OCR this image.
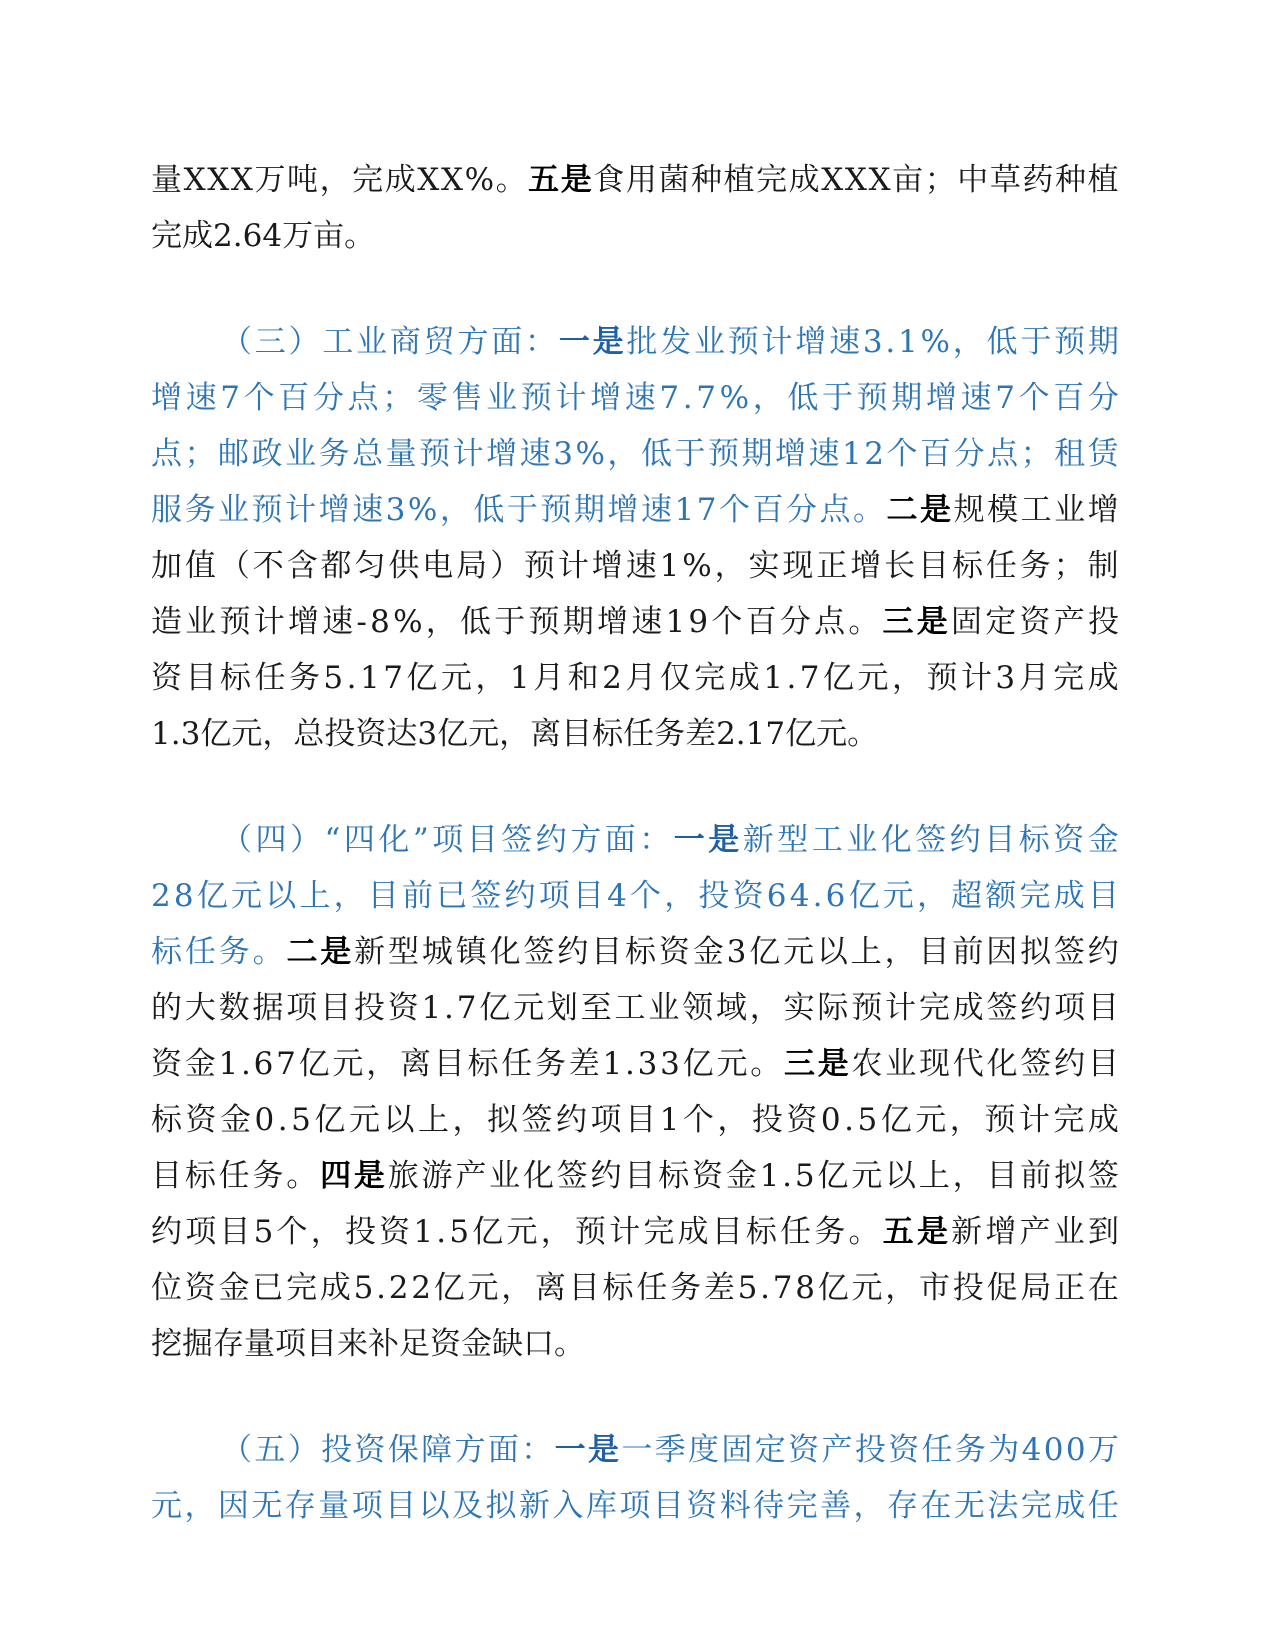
量 X X X 万 吨 ， 完 成 X X % 。 五 是 食 用 菌 种 植 完 成 X X X 亩 ； 中 草 药 种 植
完 成 2 . 6 4 万 亩 。
（ 三 ） 工 业 商 贸 方 面 ： 一 是 批 发 业 预 计 增 速 3 . 1 % ， 低 于 预 期
增 速 7 个 百 分 点 ； 零 售 业 预 计 增 速 7 . 7 % ， 低 于 预 期 增 速 7 个 百 分
点 ； 邮 政 业 务 总 量 预 计 增 速 3 % ， 低 于 预 期 增 速 1 2 个 百 分 点 ； 租 赁
服 务 业 预 计 增 速 3 % ， 低 于 预 期 增 速 1 7 个 百 分 点 。 二 是 规 模 工 业 增
加 值 （ 不 含 都 匀 供 电 局 ） 预 计 增 速 1 % ， 实 现 正 增 长 目 标 任 务 ； 制
造 业 预 计 增 速 - 8 % ， 低 于 预 期 增 速 1 9 个 百 分 点 。 三 是 固 定 资 产 投
资 目 标 任 务 5 . 1 7 亿 元 ， 1 月 和 2 月 仅 完 成 1 . 7 亿 元 ， 预 计 3 月 完 成
1 . 3 亿 元 ， 总 投 资 达 3 亿 元 ， 离 目 标 任 务 差 2 . 1 7 亿 元 。
（ 四 ） “ 四 化 ” 项 目 签 约 方 面 ： 一 是 新 型 工 业 化 签 约 目 标 资 金
2 8 亿 元 以 上 ， 目 前 已 签 约 项 目 4 个 ， 投 资 6 4 . 6 亿 元 ， 超 额 完 成 目
标 任 务 。 二 是 新 型 城 镇 化 签 约 目 标 资 金 3 亿 元 以 上 ， 目 前 因 拟 签 约
的 大 数 据 项 目 投 资 1 . 7 亿 元 划 至 工 业 领 域 ， 实 际 预 计 完 成 签 约 项 目
资 金 1 . 6 7 亿 元 ， 离 目 标 任 务 差 1 . 3 3 亿 元 。 三 是 农 业 现 代 化 签 约 目
标 资 金 0 . 5 亿 元 以 上 ， 拟 签 约 项 目 1 个 ， 投 资 0 . 5 亿 元 ， 预 计 完 成
目 标 任 务 。 四 是 旅 游 产 业 化 签 约 目 标 资 金 1 . 5 亿 元 以 上 ， 目 前 拟 签
约 项 目 5 个 ， 投 资 1 . 5 亿 元 ， 预 计 完 成 目 标 任 务 。 五 是 新 增 产 业 到
位 资 金 已 完 成 5 . 2 2 亿 元 ， 离 目 标 任 务 差 5 . 7 8 亿 元 ， 市 投 促 局 正 在
挖 掘 存 量 项 目 来 补 足 资 金 缺 口 。
（ 五 ） 投 资 保 障 方 面 ： 一 是 一 季 度 固 定 资 产 投 资 任 务 为 4 0 0 万
元 ， 因 无 存 量 项 目 以 及 拟 新 入 库 项 目 资 料 待 完 善 ， 存 在 无 法 完 成 任
